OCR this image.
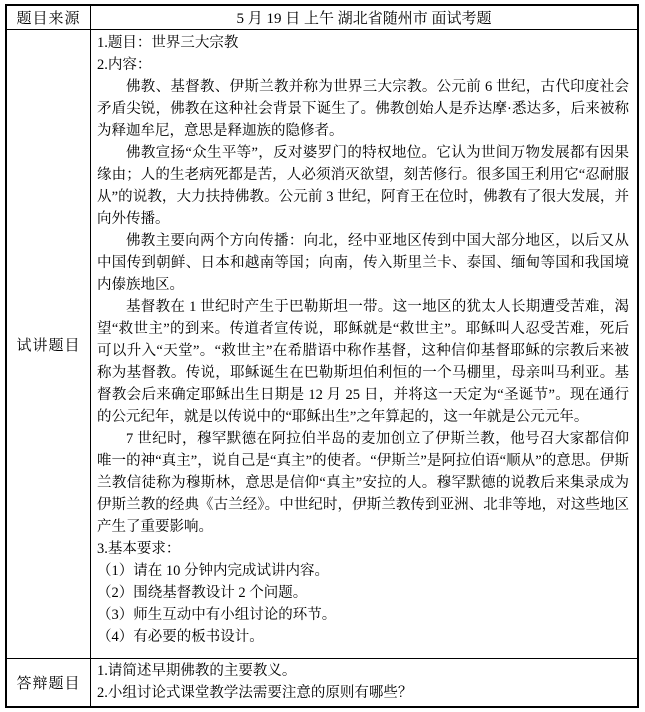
题目来源	5 月 19 日 上午 湖北省随州市 面试考题
试讲题目
1.题目：世界三大宗教
2.内容：

佛教、基督教、伊斯兰教并称为世界三大宗教。公元前 6 世纪，古代印度社会矛盾尖锐，佛教在这种社会背景下诞生了。佛教创始人是乔达摩·悉达多，后来被称为释迦牟尼，意思是释迦族的隐修者。

佛教宣扬“众生平等”，反对婆罗门的特权地位。它认为世间万物发展都有因果缘由；人的生老病死都是苦，人必须消灭欲望，刻苦修行。很多国王利用它“忍耐服从”的说教，大力扶持佛教。公元前 3 世纪，阿育王在位时，佛教有了很大发展，并向外传播。

佛教主要向两个方向传播：向北，经中亚地区传到中国大部分地区，以后又从中国传到朝鲜、日本和越南等国；向南，传入斯里兰卡、泰国、缅甸等国和我国境内傣族地区。

基督教在 1 世纪时产生于巴勒斯坦一带。这一地区的犹太人长期遭受苦难，渴望“救世主”的到来。传道者宣传说，耶稣就是“救世主”。耶稣叫人忍受苦难，死后可以升入“天堂”。“救世主”在希腊语中称作基督，这种信仰基督耶稣的宗教后来被称为基督教。传说，耶稣诞生在巴勒斯坦伯利恒的一个马棚里，母亲叫马利亚。基督教会后来确定耶稣出生日期是 12 月 25 日，并将这一天定为“圣诞节”。现在通行的公元纪年，就是以传说中的“耶稣出生”之年算起的，这一年就是公元元年。

7 世纪时，穆罕默德在阿拉伯半岛的麦加创立了伊斯兰教，他号召大家都信仰唯一的神“真主”，说自己是“真主”的使者。“伊斯兰”是阿拉伯语“顺从”的意思。伊斯兰教信徒称为穆斯林，意思是信仰“真主”安拉的人。穆罕默德的说教后来集录成为伊斯兰教的经典《古兰经》。中世纪时，伊斯兰教传到亚洲、北非等地，对这些地区产生了重要影响。

3.基本要求：
（1）请在 10 分钟内完成试讲内容。
（2）围绕基督教设计 2 个问题。
（3）师生互动中有小组讨论的环节。
（4）有必要的板书设计。
答辩题目
1.请简述早期佛教的主要教义。
2.小组讨论式课堂教学法需要注意的原则有哪些？
